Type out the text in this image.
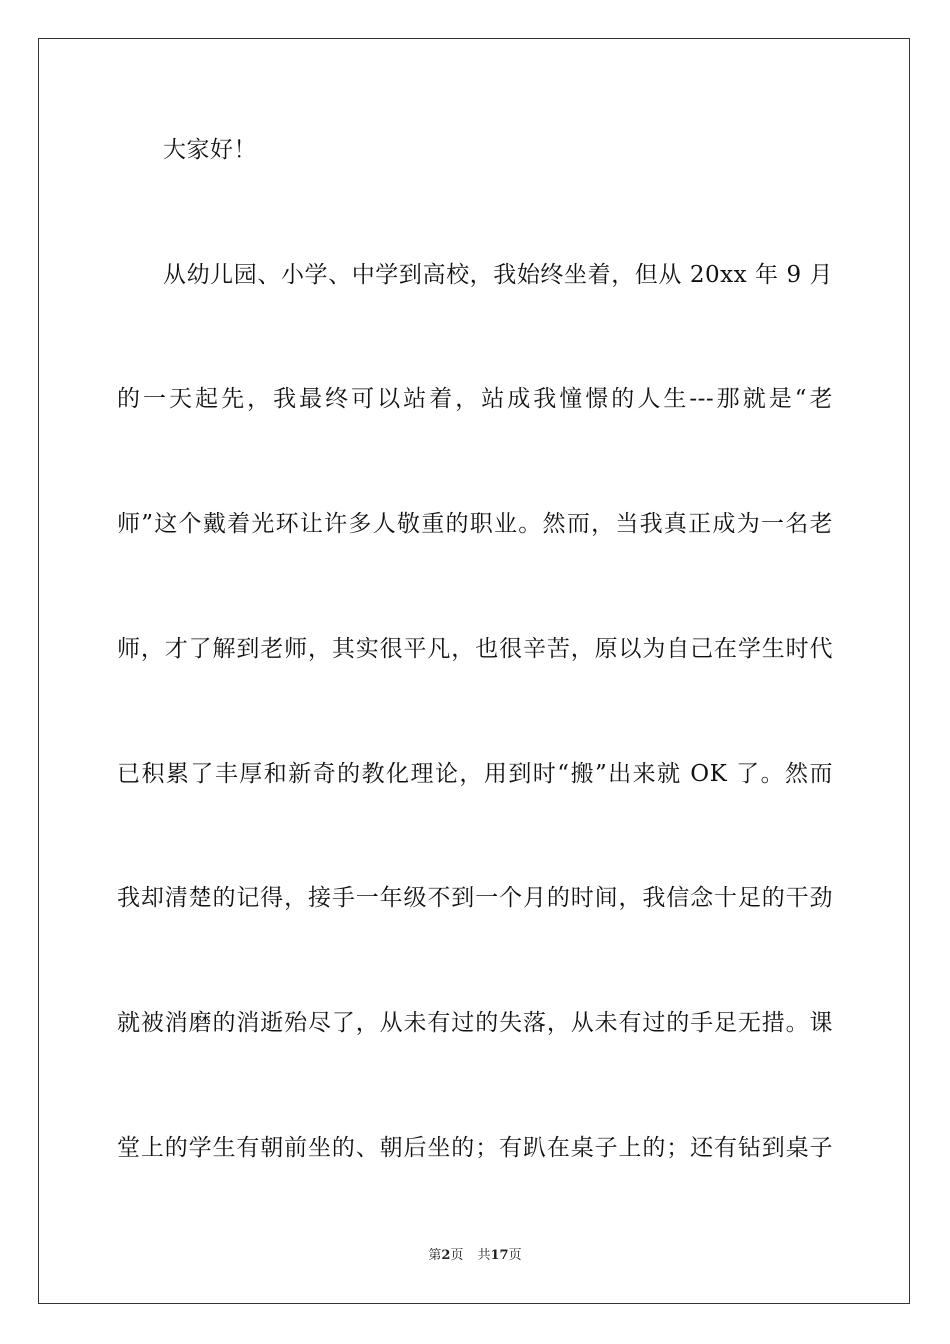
大家好！
从幼儿园、小学、中学到高校，我始终坐着，但从 20xx 年 9 月
的一天起先，我最终可以站着，站成我憧憬的人生---那就是“老
师”这个戴着光环让许多人敬重的职业。然而，当我真正成为一名老
师，才了解到老师，其实很平凡，也很辛苦，原以为自己在学生时代
已积累了丰厚和新奇的教化理论，用到时“搬”出来就 OK 了。然而
我却清楚的记得，接手一年级不到一个月的时间，我信念十足的干劲
就被消磨的消逝殆尽了，从未有过的失落，从未有过的手足无措。课
堂上的学生有朝前坐的、朝后坐的；有趴在桌子上的；还有钻到桌子
第2页 共17页
